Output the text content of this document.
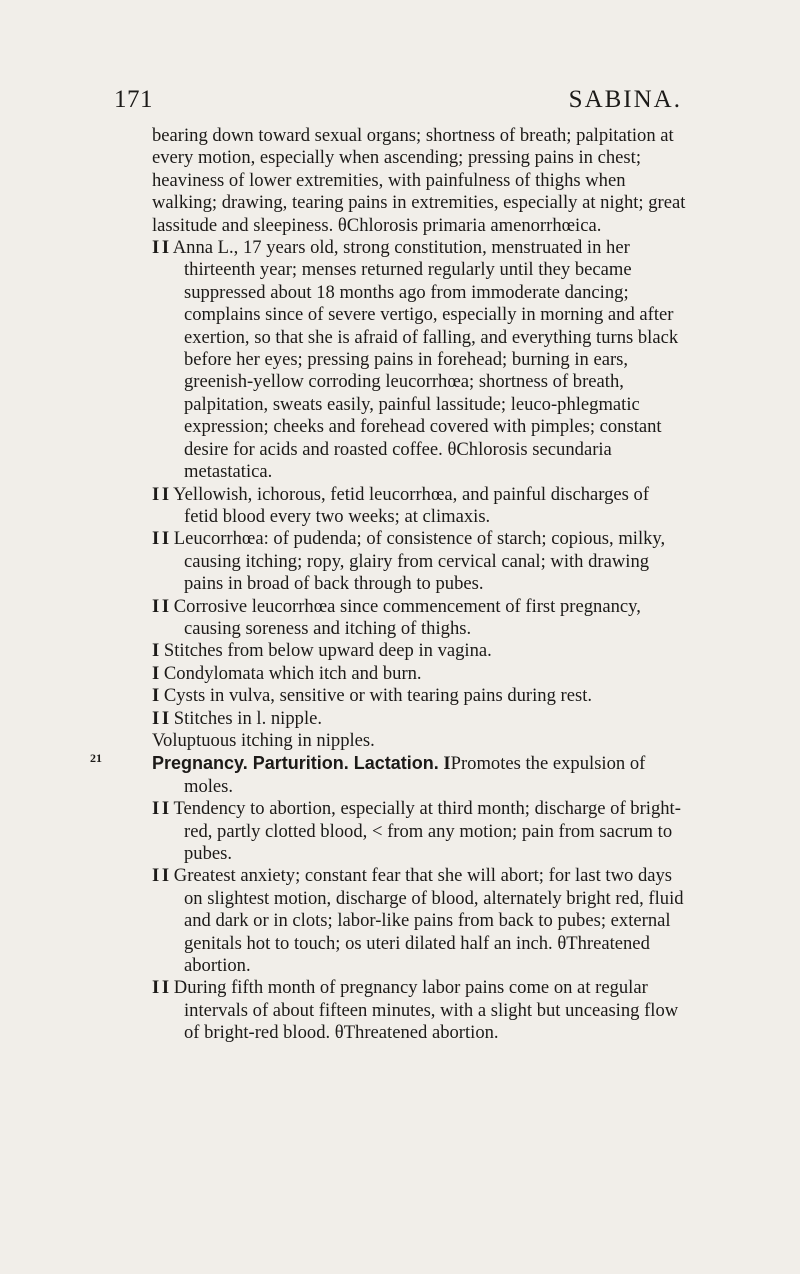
171	SABINA.

bearing down toward sexual organs; shortness of breath; palpitation at every motion, especially when ascending; pressing pains in chest; heaviness of lower extremities, with painfulness of thighs when walking; drawing, tearing pains in extremities, especially at night; great lassitude and sleepiness. θChlorosis primaria amenorrhœica.

I I Anna L., 17 years old, strong constitution, menstruated in her thirteenth year; menses returned regularly until they became suppressed about 18 months ago from immoderate dancing; complains since of severe vertigo, especially in morning and after exertion, so that she is afraid of falling, and everything turns black before her eyes; pressing pains in forehead; burning in ears, greenish-yellow corroding leucorrhœa; shortness of breath, palpitation, sweats easily, painful lassitude; leuco-phlegmatic expression; cheeks and forehead covered with pimples; constant desire for acids and roasted coffee. θChlorosis secundaria metastatica.

I I Yellowish, ichorous, fetid leucorrhœa, and painful discharges of fetid blood every two weeks; at climaxis.

I I Leucorrhœa: of pudenda; of consistence of starch; copious, milky, causing itching; ropy, glairy from cervical canal; with drawing pains in broad of back through to pubes.

I I Corrosive leucorrhœa since commencement of first pregnancy, causing soreness and itching of thighs.

I Stitches from below upward deep in vagina.

I Condylomata which itch and burn.

I Cysts in vulva, sensitive or with tearing pains during rest.

I I Stitches in l. nipple.

Voluptuous itching in nipples.

21	Pregnancy. Parturition. Lactation. IPromotes the expulsion of moles.

I I Tendency to abortion, especially at third month; discharge of bright-red, partly clotted blood, < from any motion; pain from sacrum to pubes.

I I Greatest anxiety; constant fear that she will abort; for last two days on slightest motion, discharge of blood, alternately bright red, fluid and dark or in clots; labor-like pains from back to pubes; external genitals hot to touch; os uteri dilated half an inch. θThreatened abortion.

I I During fifth month of pregnancy labor pains come on at regular intervals of about fifteen minutes, with a slight but unceasing flow of bright-red blood. θThreatened abortion.
